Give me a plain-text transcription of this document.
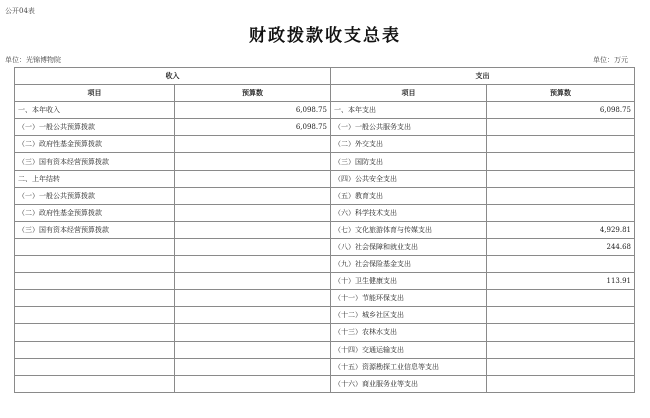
公开04表
财政拨款收支总表
单位：光锦博物院	单位：万元
收入		支出	
项目	预算数	项目	预算数
一、本年收入	6,098.75	一、本年支出	6,098.75
（一）一般公共预算拨款	6,098.75	（一）一般公共服务支出	
（二）政府性基金预算拨款		（二）外交支出	
（三）国有资本经营预算拨款		（三）国防支出	
二、上年结转		（四）公共安全支出	
（一）一般公共预算拨款		（五）教育支出	
（二）政府性基金预算拨款		（六）科学技术支出	
（三）国有资本经营预算拨款		（七）文化旅游体育与传媒支出	4,929.81
		（八）社会保障和就业支出	244.68
		（九）社会保险基金支出	
		（十）卫生健康支出	113.91
		（十一）节能环保支出	
		（十二）城乡社区支出	
		（十三）农林水支出	
		（十四）交通运输支出	
		（十五）资源勘探工业信息等支出	
		（十六）商业服务业等支出	
